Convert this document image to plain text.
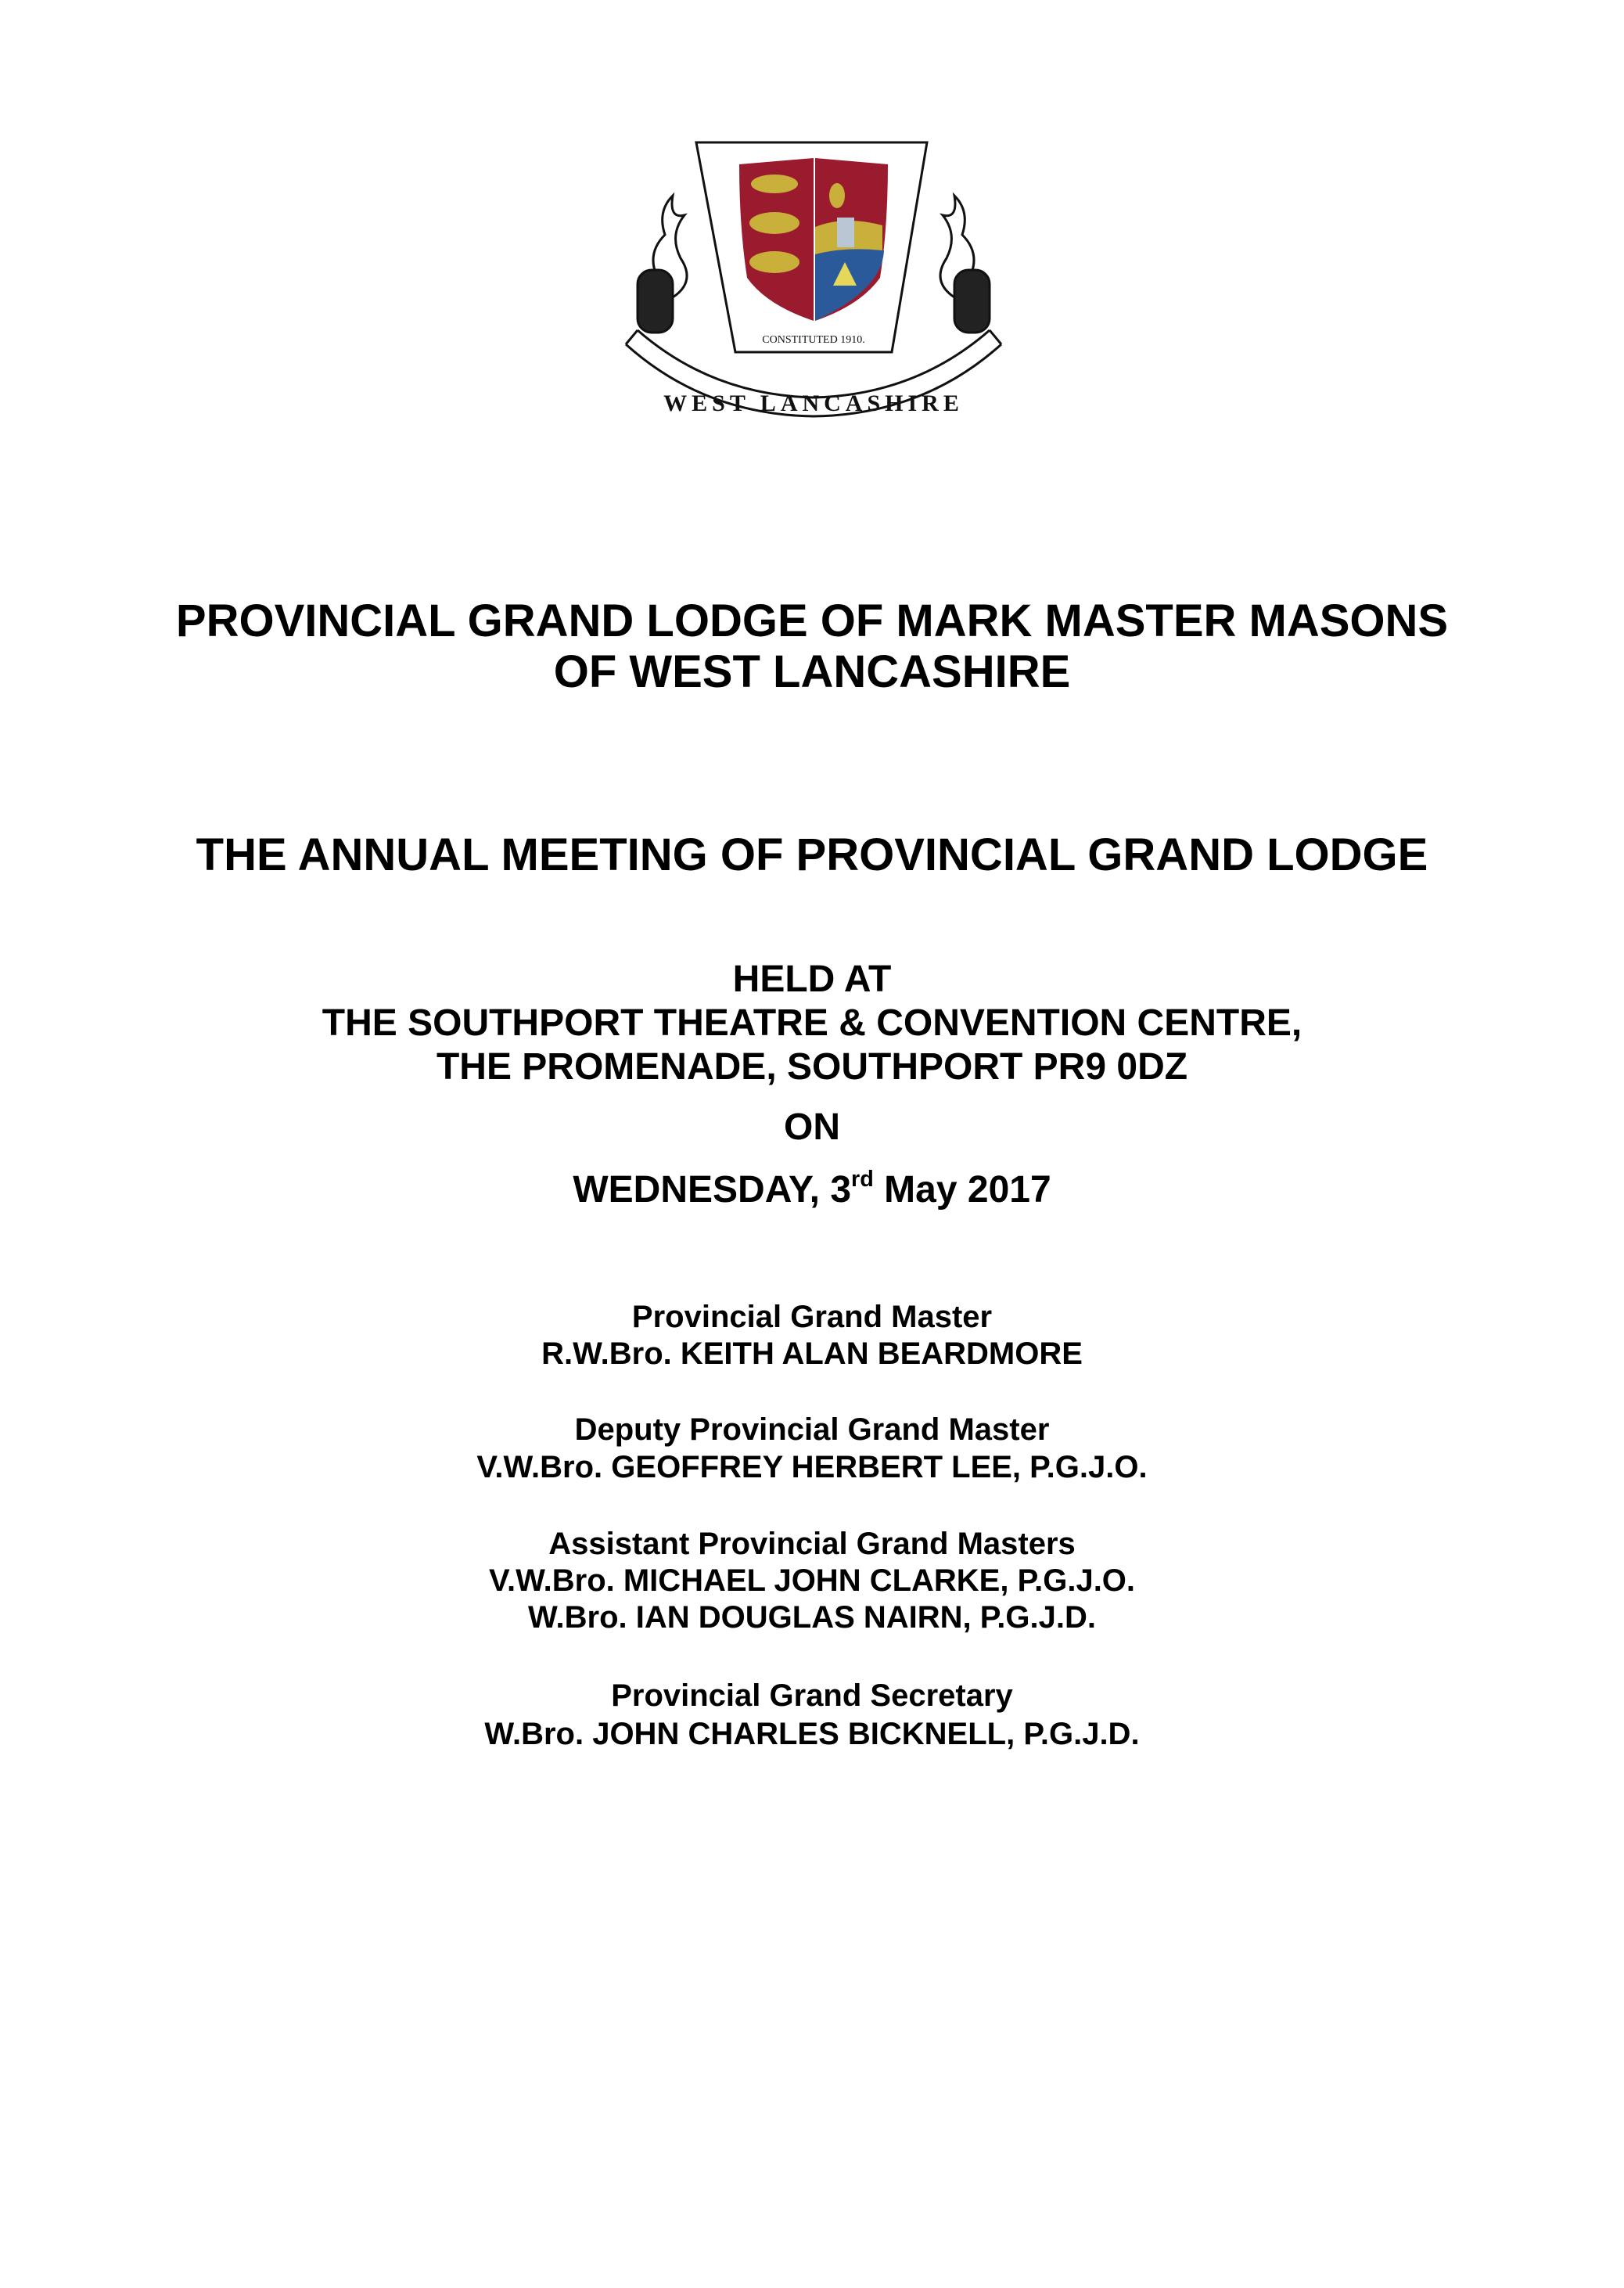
CONSTITUTED 1910.
WEST LANCASHIRE
PROVINCIAL GRAND LODGE OF MARK MASTER MASONS
OF WEST LANCASHIRE
THE ANNUAL MEETING OF PROVINCIAL GRAND LODGE
HELD AT
THE SOUTHPORT THEATRE & CONVENTION CENTRE,
THE PROMENADE, SOUTHPORT PR9 0DZ
ON
WEDNESDAY, 3rd May 2017
Provincial Grand Master
R.W.Bro. KEITH ALAN BEARDMORE
Deputy Provincial Grand Master
V.W.Bro. GEOFFREY HERBERT LEE, P.G.J.O.
Assistant Provincial Grand Masters
V.W.Bro. MICHAEL JOHN CLARKE, P.G.J.O.
W.Bro. IAN DOUGLAS NAIRN, P.G.J.D.
Provincial Grand Secretary
W.Bro. JOHN CHARLES BICKNELL, P.G.J.D.
